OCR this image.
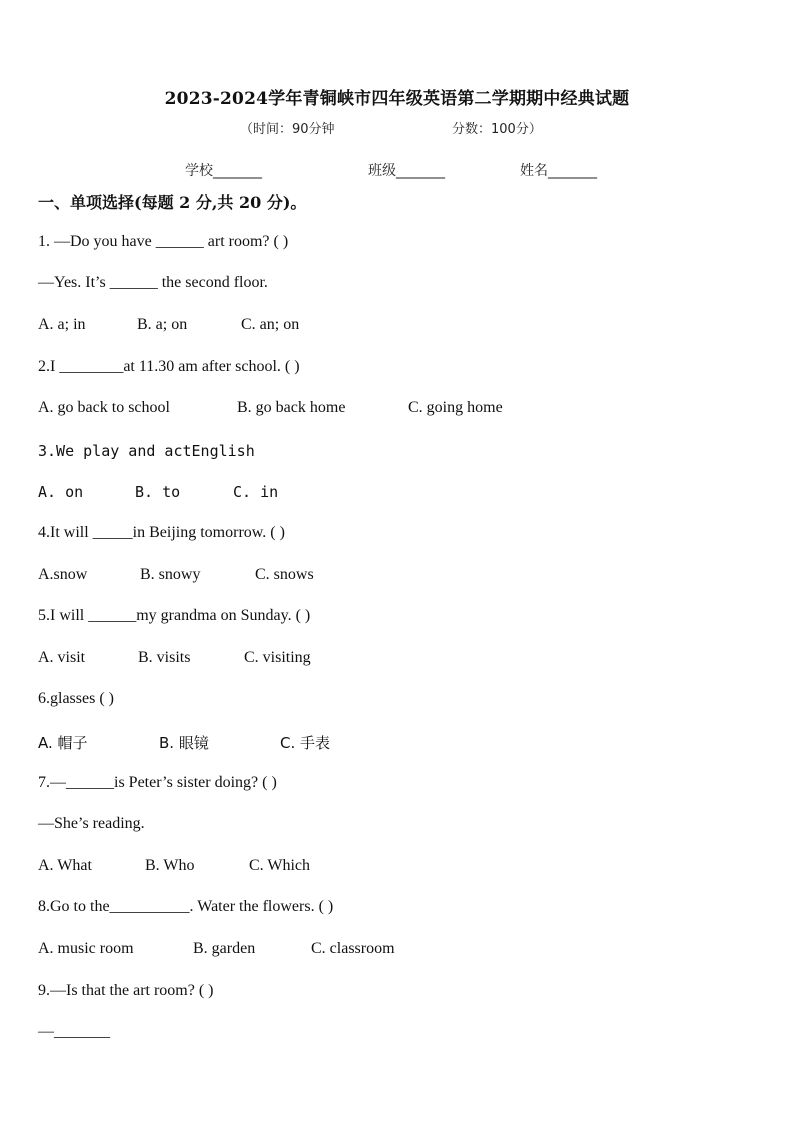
2023-2024学年青铜峡市四年级英语第二学期期中经典试题
（时间：90分钟	分数：100分）
学校_______	班级_______	姓名_______
一、单项选择(每题 2 分,共 20 分)。
1. —Do you have ______ art room? ( )
—Yes. It’s ______ the second floor.
A. a; in	B. a; on	C. an; on
2.I ________at 11.30 am after school. ( )
A. go back to school	B. go back home	C. going home
3.We play and actEnglish
A. on	B. to	C. in
4.It will _____in Beijing tomorrow. ( )
A.snow	B. snowy	C. snows
5.I will ______my grandma on Sunday. ( )
A. visit	B. visits	C. visiting
6.glasses ( )
A. 帽子	B. 眼镜	C. 手表
7.—______is Peter’s sister doing? ( )
—She’s reading.
A. What	B. Who	C. Which
8.Go to the__________. Water the flowers. ( )
A. music room	B. garden	C. classroom
9.—Is that the art room? ( )
—_______
